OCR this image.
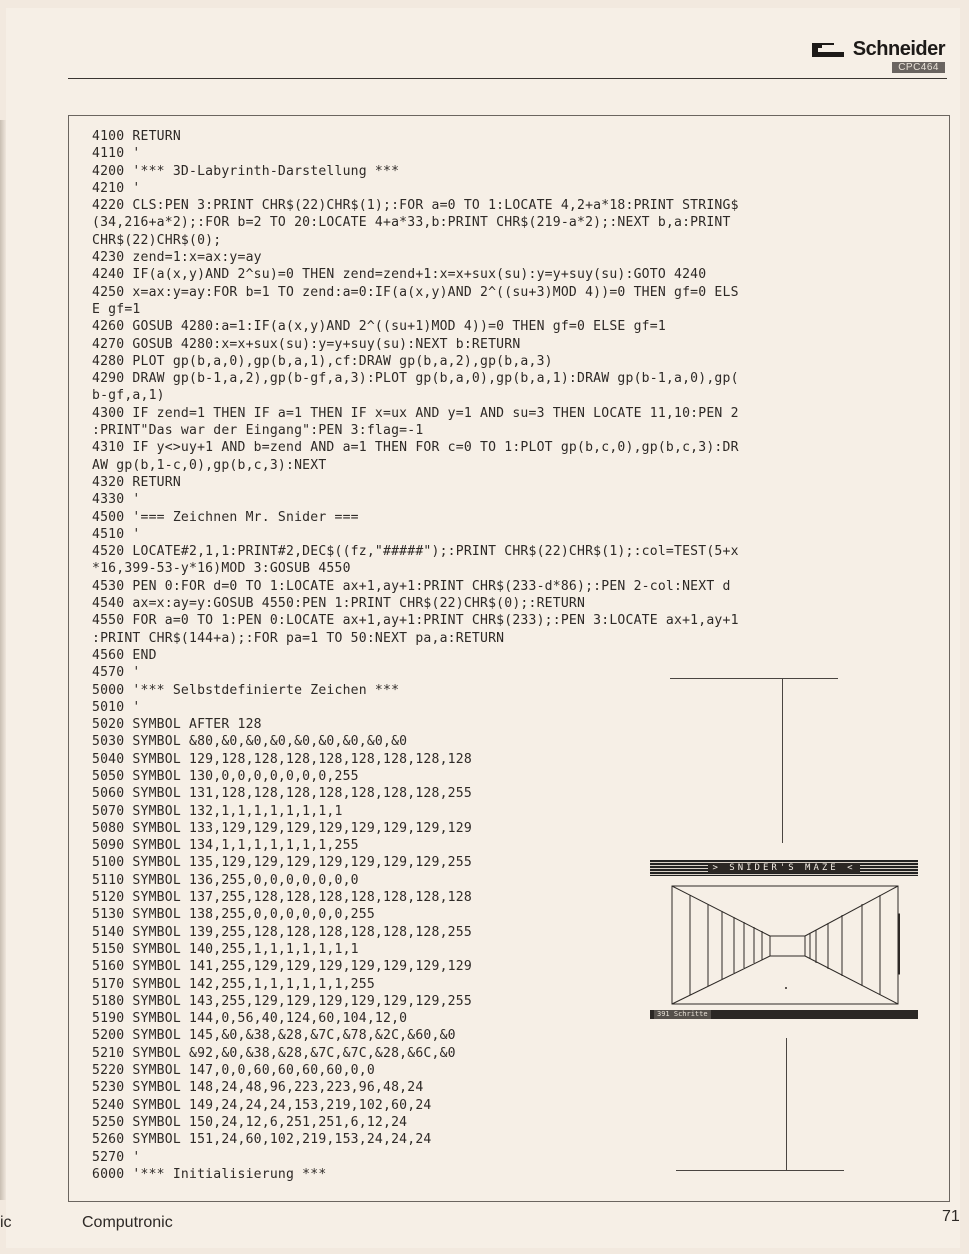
Schneider
CPC464
4100 RETURN
4110 '
4200 '*** 3D-Labyrinth-Darstellung ***
4210 '
4220 CLS:PEN 3:PRINT CHR$(22)CHR$(1);:FOR a=0 TO 1:LOCATE 4,2+a*18:PRINT STRING$
(34,216+a*2);:FOR b=2 TO 20:LOCATE 4+a*33,b:PRINT CHR$(219-a*2);:NEXT b,a:PRINT
CHR$(22)CHR$(0);
4230 zend=1:x=ax:y=ay
4240 IF(a(x,y)AND 2^su)=0 THEN zend=zend+1:x=x+sux(su):y=y+suy(su):GOTO 4240
4250 x=ax:y=ay:FOR b=1 TO zend:a=0:IF(a(x,y)AND 2^((su+3)MOD 4))=0 THEN gf=0 ELS
E gf=1
4260 GOSUB 4280:a=1:IF(a(x,y)AND 2^((su+1)MOD 4))=0 THEN gf=0 ELSE gf=1
4270 GOSUB 4280:x=x+sux(su):y=y+suy(su):NEXT b:RETURN
4280 PLOT gp(b,a,0),gp(b,a,1),cf:DRAW gp(b,a,2),gp(b,a,3)
4290 DRAW gp(b-1,a,2),gp(b-gf,a,3):PLOT gp(b,a,0),gp(b,a,1):DRAW gp(b-1,a,0),gp(
b-gf,a,1)
4300 IF zend=1 THEN IF a=1 THEN IF x=ux AND y=1 AND su=3 THEN LOCATE 11,10:PEN 2
:PRINT"Das war der Eingang":PEN 3:flag=-1
4310 IF y<>uy+1 AND b=zend AND a=1 THEN FOR c=0 TO 1:PLOT gp(b,c,0),gp(b,c,3):DR
AW gp(b,1-c,0),gp(b,c,3):NEXT
4320 RETURN
4330 '
4500 '=== Zeichnen Mr. Snider ===
4510 '
4520 LOCATE#2,1,1:PRINT#2,DEC$((fz,"#####");:PRINT CHR$(22)CHR$(1);:col=TEST(5+x
*16,399-53-y*16)MOD 3:GOSUB 4550
4530 PEN 0:FOR d=0 TO 1:LOCATE ax+1,ay+1:PRINT CHR$(233-d*86);:PEN 2-col:NEXT d
4540 ax=x:ay=y:GOSUB 4550:PEN 1:PRINT CHR$(22)CHR$(0);:RETURN
4550 FOR a=0 TO 1:PEN 0:LOCATE ax+1,ay+1:PRINT CHR$(233);:PEN 3:LOCATE ax+1,ay+1
:PRINT CHR$(144+a);:FOR pa=1 TO 50:NEXT pa,a:RETURN
4560 END
4570 '
5000 '*** Selbstdefinierte Zeichen ***
5010 '
5020 SYMBOL AFTER 128
5030 SYMBOL &80,&0,&0,&0,&0,&0,&0,&0,&0
5040 SYMBOL 129,128,128,128,128,128,128,128,128
5050 SYMBOL 130,0,0,0,0,0,0,0,255
5060 SYMBOL 131,128,128,128,128,128,128,128,255
5070 SYMBOL 132,1,1,1,1,1,1,1,1
5080 SYMBOL 133,129,129,129,129,129,129,129,129
5090 SYMBOL 134,1,1,1,1,1,1,1,255
5100 SYMBOL 135,129,129,129,129,129,129,129,255
5110 SYMBOL 136,255,0,0,0,0,0,0,0
5120 SYMBOL 137,255,128,128,128,128,128,128,128
5130 SYMBOL 138,255,0,0,0,0,0,0,255
5140 SYMBOL 139,255,128,128,128,128,128,128,255
5150 SYMBOL 140,255,1,1,1,1,1,1,1
5160 SYMBOL 141,255,129,129,129,129,129,129,129
5170 SYMBOL 142,255,1,1,1,1,1,1,255
5180 SYMBOL 143,255,129,129,129,129,129,129,255
5190 SYMBOL 144,0,56,40,124,60,104,12,0
5200 SYMBOL 145,&0,&38,&28,&7C,&78,&2C,&60,&0
5210 SYMBOL &92,&0,&38,&28,&7C,&7C,&28,&6C,&0
5220 SYMBOL 147,0,0,60,60,60,60,0,0
5230 SYMBOL 148,24,48,96,223,223,96,48,24
5240 SYMBOL 149,24,24,24,153,219,102,60,24
5250 SYMBOL 150,24,12,6,251,251,6,12,24
5260 SYMBOL 151,24,60,102,219,153,24,24,24
5270 '
6000 '*** Initialisierung ***
> SNIDER'S MAZE <
391 Schritte
ic	Computronic	71
